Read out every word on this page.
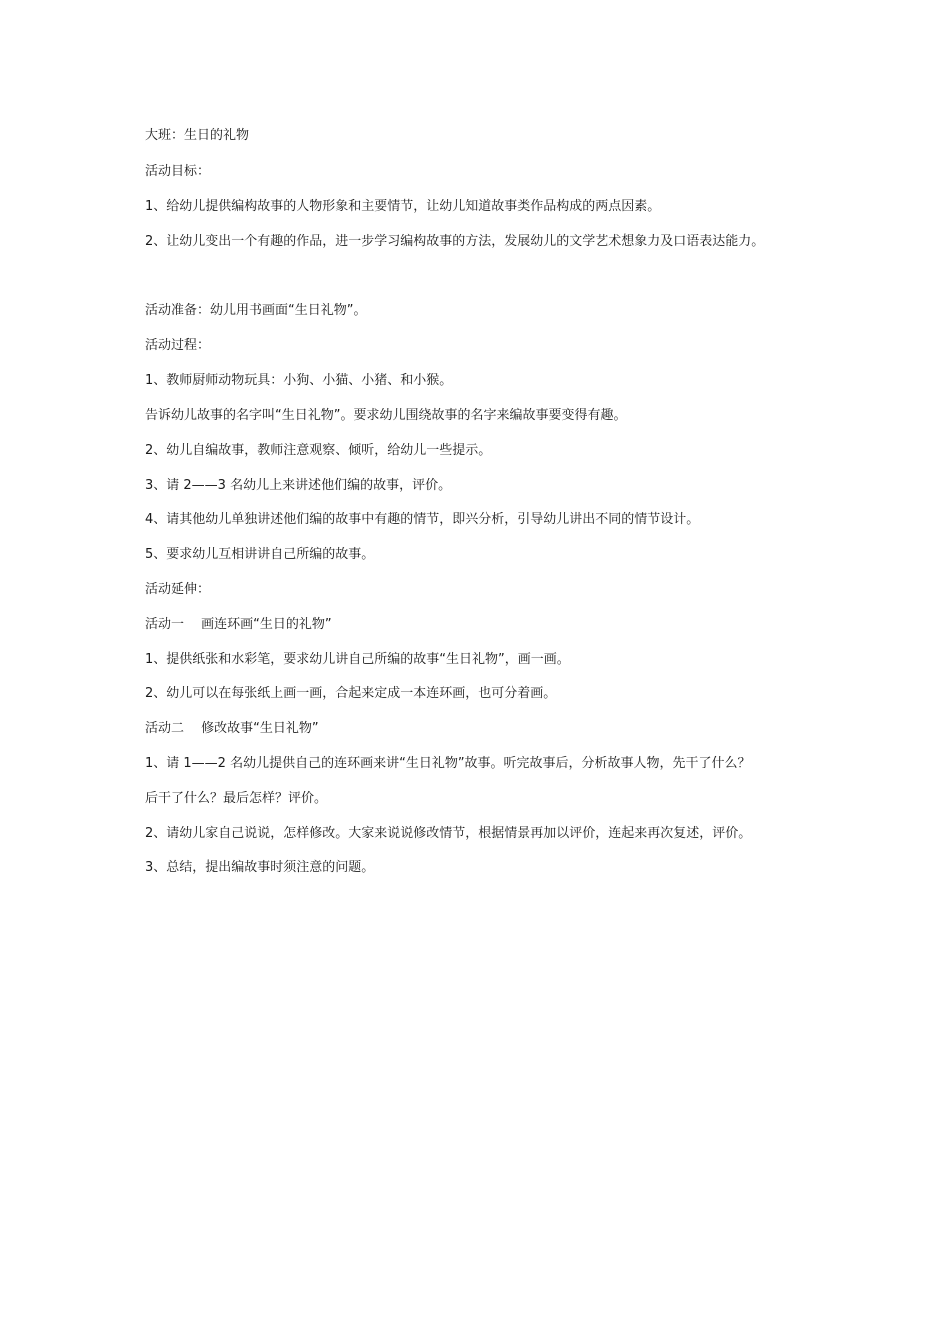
大班：生日的礼物
活动目标：
1、给幼儿提供编构故事的人物形象和主要情节，让幼儿知道故事类作品构成的两点因素。
2、让幼儿变出一个有趣的作品，进一步学习编构故事的方法，发展幼儿的文学艺术想象力及口语表达能力。
活动准备：幼儿用书画面“生日礼物”。
活动过程：
1、教师厨师动物玩具：小狗、小猫、小猪、和小猴。
告诉幼儿故事的名字叫“生日礼物”。要求幼儿围绕故事的名字来编故事要变得有趣。
2、幼儿自编故事，教师注意观察、倾听，给幼儿一些提示。
3、请 2——3 名幼儿上来讲述他们编的故事，评价。
4、请其他幼儿单独讲述他们编的故事中有趣的情节，即兴分析，引导幼儿讲出不同的情节设计。
5、要求幼儿互相讲讲自己所编的故事。
活动延伸：
活动一　 画连环画“生日的礼物”
1、提供纸张和水彩笔，要求幼儿讲自己所编的故事“生日礼物”，画一画。
2、幼儿可以在每张纸上画一画，合起来定成一本连环画，也可分着画。
活动二　 修改故事“生日礼物”
1、请 1——2 名幼儿提供自己的连环画来讲“生日礼物”故事。听完故事后，分析故事人物，先干了什么？
后干了什么？最后怎样？评价。
2、请幼儿家自己说说，怎样修改。大家来说说修改情节，根据情景再加以评价，连起来再次复述，评价。
3、总结，提出编故事时须注意的问题。
